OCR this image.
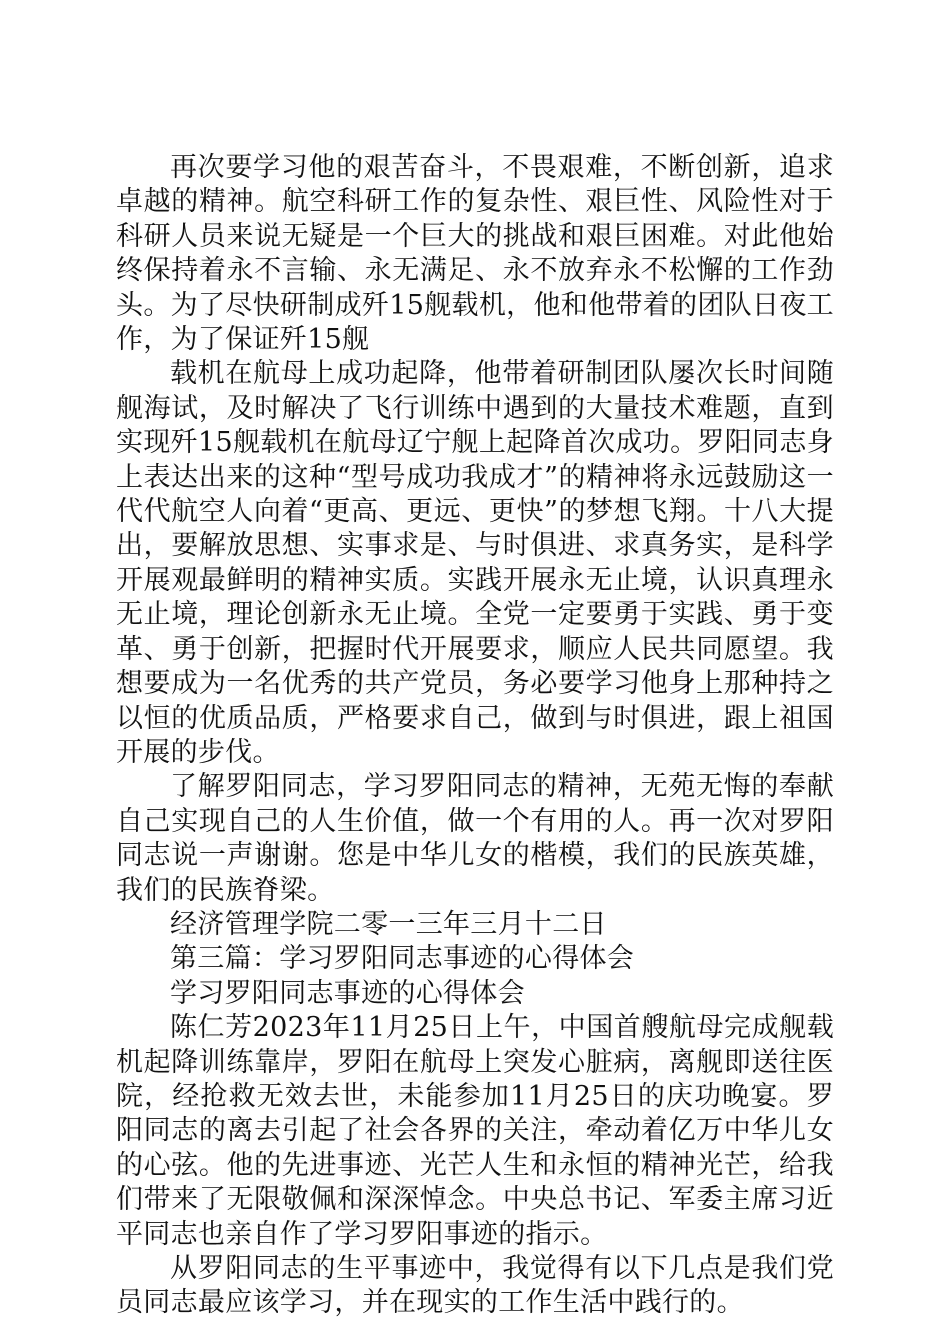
再次要学习他的艰苦奋斗，不畏艰难，不断创新，追求卓越的精神。航空科研工作的复杂性、艰巨性、风险性对于科研人员来说无疑是一个巨大的挑战和艰巨困难。对此他始终保持着永不言输、永无满足、永不放弃永不松懈的工作劲头。为了尽快研制成歼15舰载机，他和他带着的团队日夜工作，为了保证歼15舰

载机在航母上成功起降，他带着研制团队屡次长时间随舰海试，及时解决了飞行训练中遇到的大量技术难题，直到实现歼15舰载机在航母辽宁舰上起降首次成功。罗阳同志身上表达出来的这种“型号成功我成才”的精神将永远鼓励这一代代航空人向着“更高、更远、更快”的梦想飞翔。十八大提出，要解放思想、实事求是、与时俱进、求真务实，是科学开展观最鲜明的精神实质。实践开展永无止境，认识真理永无止境，理论创新永无止境。全党一定要勇于实践、勇于变革、勇于创新，把握时代开展要求，顺应人民共同愿望。我想要成为一名优秀的共产党员，务必要学习他身上那种持之以恒的优质品质，严格要求自己，做到与时俱进，跟上祖国开展的步伐。

了解罗阳同志，学习罗阳同志的精神，无苑无悔的奉献自己实现自己的人生价值，做一个有用的人。再一次对罗阳同志说一声谢谢。您是中华儿女的楷模，我们的民族英雄，我们的民族脊梁。

经济管理学院二零一三年三月十二日

第三篇：学习罗阳同志事迹的心得体会

学习罗阳同志事迹的心得体会

陈仁芳2023年11月25日上午，中国首艘航母完成舰载机起降训练靠岸，罗阳在航母上突发心脏病，离舰即送往医院，经抢救无效去世，未能参加11月25日的庆功晚宴。罗阳同志的离去引起了社会各界的关注，牵动着亿万中华儿女的心弦。他的先进事迹、光芒人生和永恒的精神光芒，给我们带来了无限敬佩和深深悼念。中央总书记、军委主席习近平同志也亲自作了学习罗阳事迹的指示。

从罗阳同志的生平事迹中，我觉得有以下几点是我们党员同志最应该学习，并在现实的工作生活中践行的。
